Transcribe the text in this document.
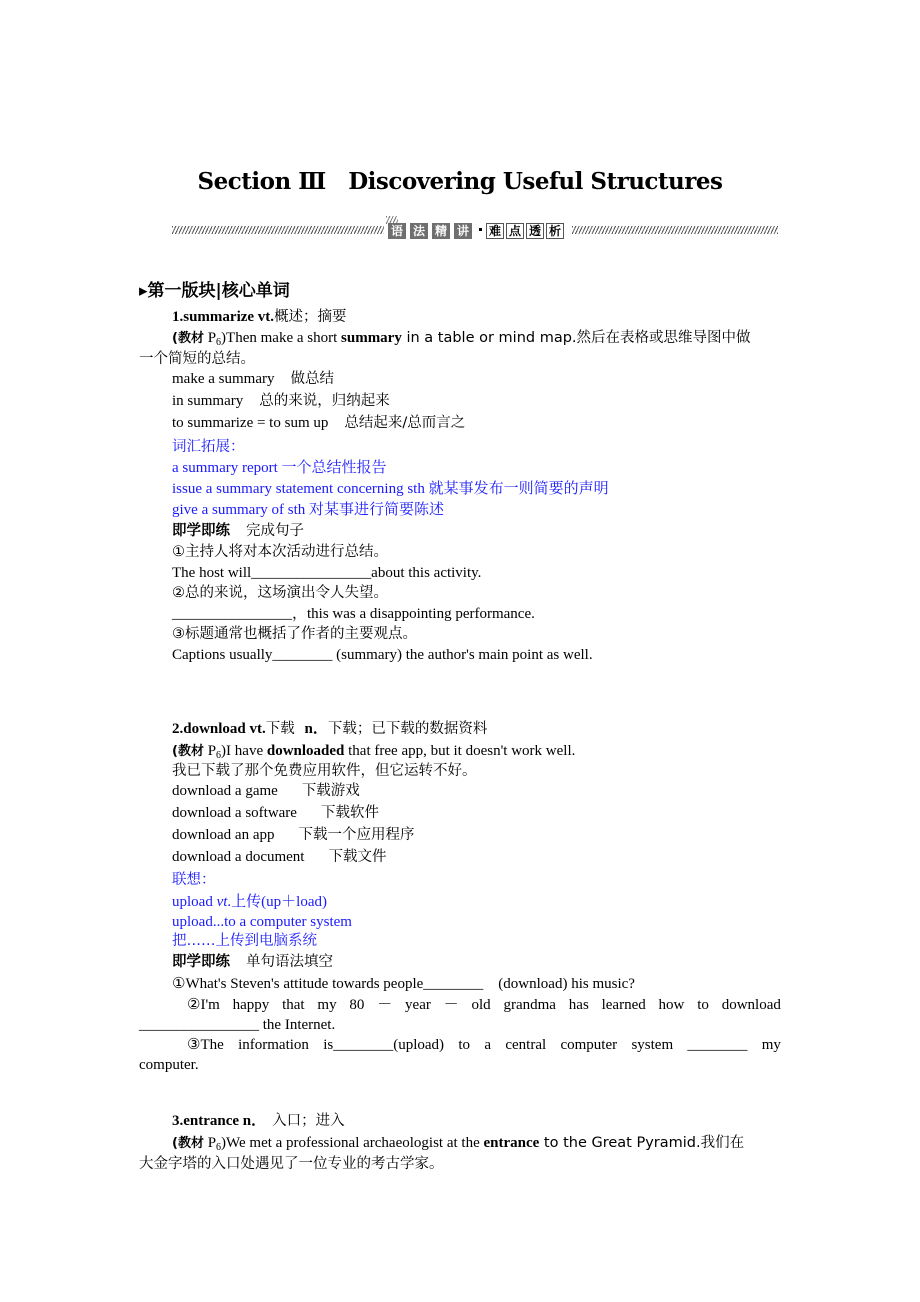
Section Ⅲ　Discovering Useful Structures
语 法 精 讲 难 点 透 析
▸第一版块|核心单词
1.summarize vt.概述；摘要
(教材 $P_6)Then$ make a short summary in a table or mind map.然后在表格或思维导图中做
一个简短的总结。
make a summary 做总结
in summary 总的来说，归纳起来
to summarize = to sum up 总结起来/总而言之
词汇拓展：
a summary report 一个总结性报告
issue a summary statement concerning sth 就某事发布一则简要的声明
give a summary of sth 对某事进行简要陈述
即学即练 完成句子
①主持人将对本次活动进行总结。
The host will________________about this activity.
②总的来说，这场演出令人失望。
________________，this was a disappointing performance.
③标题通常也概括了作者的主要观点。
Captions usually________ (summary) the author's main point as well.
2.download vt.下载 n．下载；已下载的数据资料
(教材 $P_6)I$ have downloaded that free app, but it doesn't work well.
我已下载了那个免费应用软件，但它运转不好。
download a game 下载游戏
download a software 下载软件
download an app 下载一个应用程序
download a document 下载文件
联想：
upload vt.上传(up＋load)
upload...to a computer system
把……上传到电脑系统
即学即练 单句语法填空
①What's Steven's attitude towards people________　(download) his music?
②I'm happy that my 80 － year － old grandma has learned how to download
________________ the Internet.
③The information is________(upload) to a central computer system ________ my
computer.
3.entrance n． 入口；进入
(教材 $P_6)We$ met a professional archaeologist at the entrance to the Great Pyramid.我们在
大金字塔的入口处遇见了一位专业的考古学家。
